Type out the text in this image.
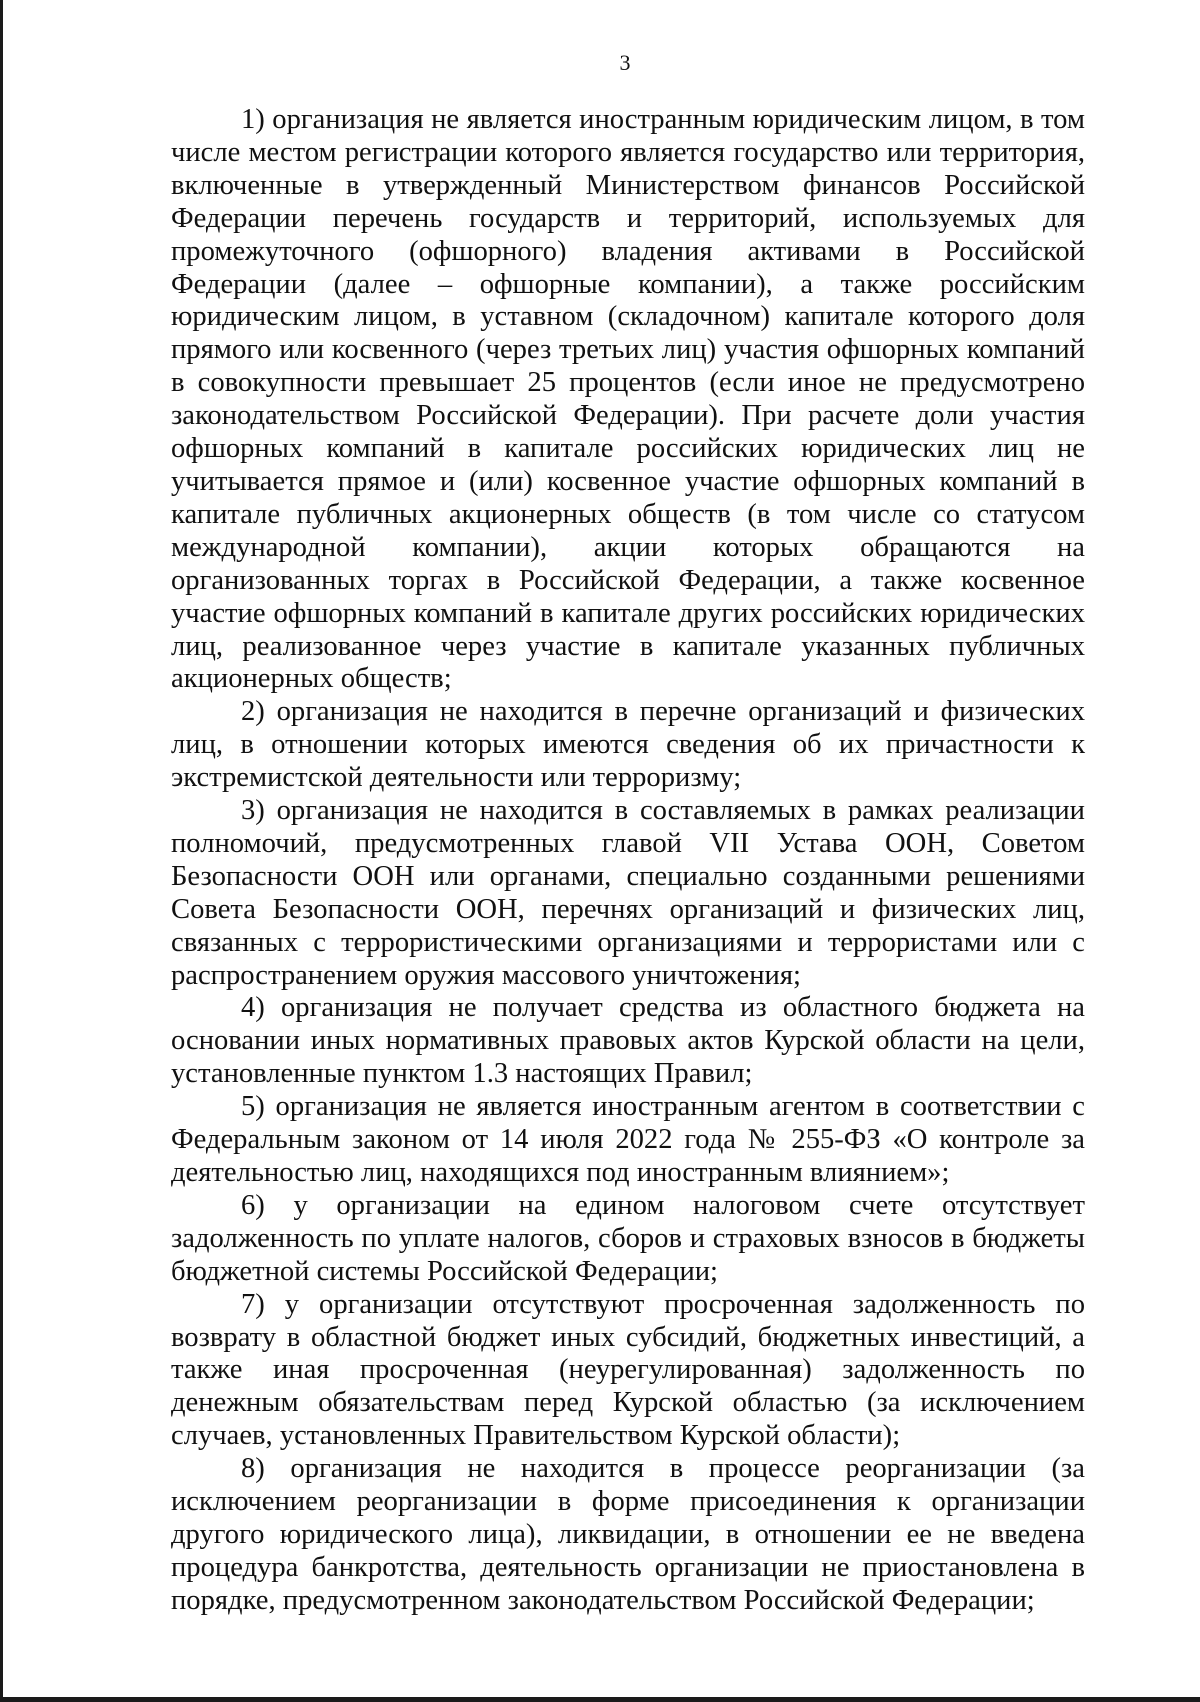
3

1) организация не является иностранным юридическим лицом, в том числе местом регистрации которого является государство или территория, включенные в утвержденный Министерством финансов Российской Федерации перечень государств и территорий, используемых для промежуточного (офшорного) владения активами в Российской Федерации (далее – офшорные компании), а также российским юридическим лицом, в уставном (складочном) капитале которого доля прямого или косвенного (через третьих лиц) участия офшорных компаний в совокупности превышает 25 процентов (если иное не предусмотрено законодательством Российской Федерации). При расчете доли участия офшорных компаний в капитале российских юридических лиц не учитывается прямое и (или) косвенное участие офшорных компаний в капитале публичных акционерных обществ (в том числе со статусом международной компании), акции которых обращаются на организованных торгах в Российской Федерации, а также косвенное участие офшорных компаний в капитале других российских юридических лиц, реализованное через участие в капитале указанных публичных акционерных обществ;

2) организация не находится в перечне организаций и физических лиц, в отношении которых имеются сведения об их причастности к экстремистской деятельности или терроризму;

3) организация не находится в составляемых в рамках реализации полномочий, предусмотренных главой VII Устава ООН, Советом Безопасности ООН или органами, специально созданными решениями Совета Безопасности ООН, перечнях организаций и физических лиц, связанных с террористическими организациями и террористами или с распространением оружия массового уничтожения;

4) организация не получает средства из областного бюджета на основании иных нормативных правовых актов Курской области на цели, установленные пунктом 1.3 настоящих Правил;

5) организация не является иностранным агентом в соответствии с Федеральным законом от 14 июля 2022 года № 255-ФЗ «О контроле за деятельностью лиц, находящихся под иностранным влиянием»;

6) у организации на едином налоговом счете отсутствует задолженность по уплате налогов, сборов и страховых взносов в бюджеты бюджетной системы Российской Федерации;

7) у организации отсутствуют просроченная задолженность по возврату в областной бюджет иных субсидий, бюджетных инвестиций, а также иная просроченная (неурегулированная) задолженность по денежным обязательствам перед Курской областью (за исключением случаев, установленных Правительством Курской области);

8) организация не находится в процессе реорганизации (за исключением реорганизации в форме присоединения к организации другого юридического лица), ликвидации, в отношении ее не введена процедура банкротства, деятельность организации не приостановлена в порядке, предусмотренном законодательством Российской Федерации;
